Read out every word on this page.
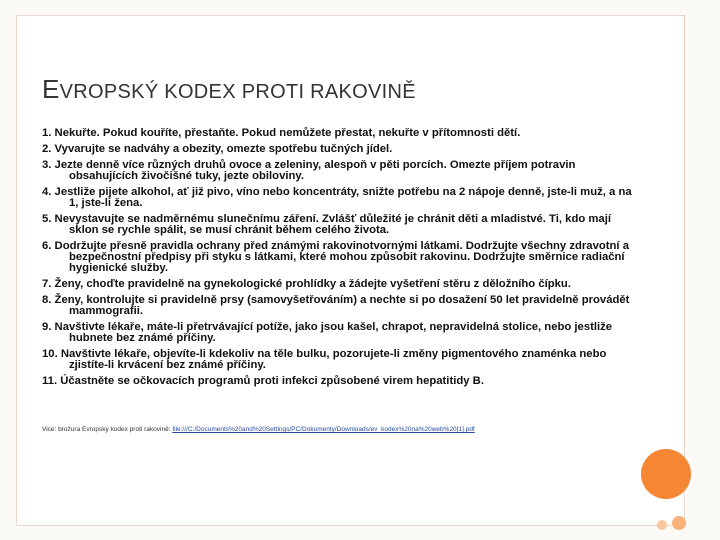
EVROPSKÝ KODEX PROTI RAKOVINĚ
1. Nekuřte. Pokud kouříte, přestaňte. Pokud nemůžete přestat, nekuřte v přítomnosti dětí.
2. Vyvarujte se nadváhy a obezity, omezte spotřebu tučných jídel.
3. Jezte denně více různých druhů ovoce a zeleniny, alespoň v pěti porcích. Omezte příjem potravin obsahujících živočišné tuky, jezte obiloviny.
4. Jestliže pijete alkohol, ať již pivo, víno nebo koncentráty, snižte potřebu na 2 nápoje denně, jste-li muž, a na 1, jste-li žena.
5. Nevystavujte se nadměrnému slunečnímu záření. Zvlášť důležité je chránit děti a mladistvé. Ti, kdo mají sklon se rychle spálit, se musí chránit během celého života.
6. Dodržujte přesně pravidla ochrany před známými rakovinotvornými látkami. Dodržujte všechny zdravotní a bezpečnostní předpisy při styku s látkami, které mohou způsobit rakovinu. Dodržujte směrnice radiační hygienické služby.
7. Ženy, choďte pravidelně na gynekologické prohlídky a žádejte vyšetření stěru z děložního čípku.
8. Ženy, kontrolujte si pravidelně prsy (samovyšetřováním) a nechte si po dosažení 50 let pravidelně provádět mammografii.
9. Navštivte lékaře, máte-li přetrvávající potíže, jako jsou kašel, chrapot, nepravidelná stolice, nebo jestliže hubnete bez známé příčiny.
10. Navštivte lékaře, objevíte-li kdekoliv na těle bulku, pozorujete-li změny pigmentového znaménka nebo zjistíte-li krvácení bez známé příčiny.
11. Účastněte se očkovacích programů proti infekci způsobené virem hepatitidy B.
Vice: brožura Evropský kodex proti rakovině: file:///C:/Documents%20and%20Settings/PC/Dokumenty/Downloads/ev_kodex%20na%20web%20[1].pdf
